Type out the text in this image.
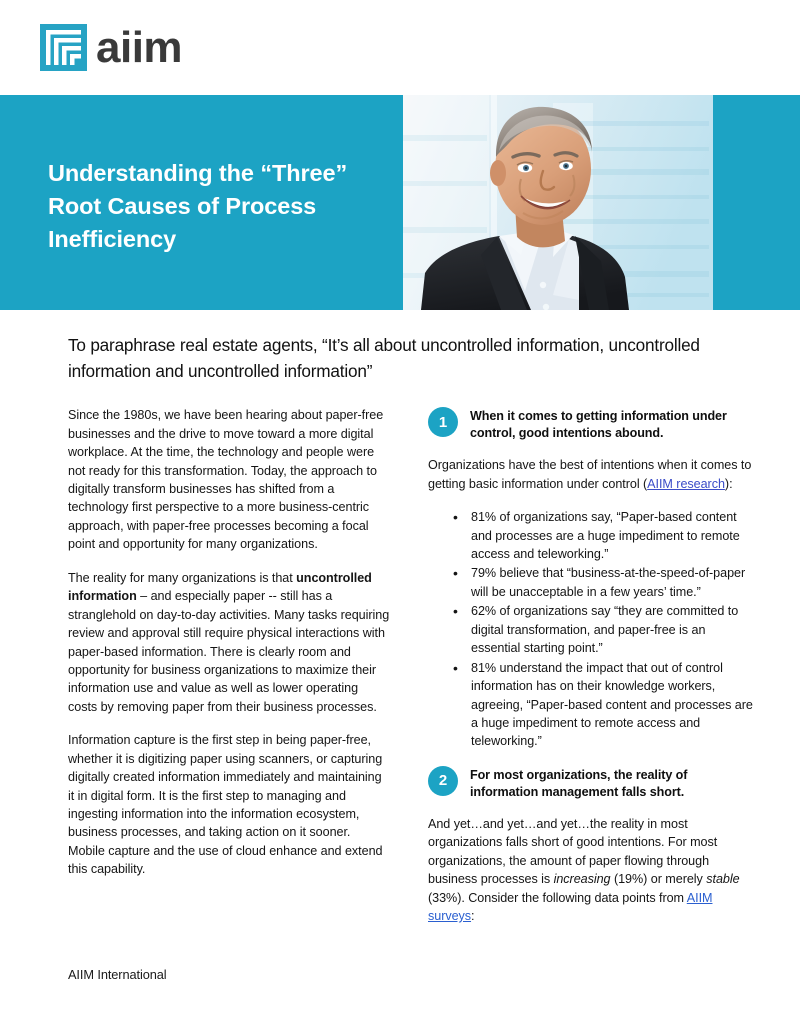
aiim
Understanding the “Three” Root Causes of Process Inefficiency

To paraphrase real estate agents, “It’s all about uncontrolled information, uncontrolled information and uncontrolled information”

Since the 1980s, we have been hearing about paper-free businesses and the drive to move toward a more digital workplace. At the time, the technology and people were not ready for this transformation. Today, the approach to digitally transform businesses has shifted from a technology first perspective to a more business-centric approach, with paper-free processes becoming a focal point and opportunity for many organizations.

The reality for many organizations is that uncontrolled information – and especially paper -- still has a stranglehold on day-to-day activities. Many tasks requiring review and approval still require physical interactions with paper-based information. There is clearly room and opportunity for business organizations to maximize their information use and value as well as lower operating costs by removing paper from their business processes.

Information capture is the first step in being paper-free, whether it is digitizing paper using scanners, or capturing digitally created information immediately and maintaining it in digital form. It is the first step to managing and ingesting information into the information ecosystem, business processes, and taking action on it sooner. Mobile capture and the use of cloud enhance and extend this capability.

1	When it comes to getting information under control, good intentions abound.

Organizations have the best of intentions when it comes to getting basic information under control (AIIM research):

• 81% of organizations say, “Paper-based content and processes are a huge impediment to remote access and teleworking.”
• 79% believe that “business-at-the-speed-of-paper will be unacceptable in a few years’ time.”
• 62% of organizations say “they are committed to digital transformation, and paper-free is an essential starting point.”
• 81% understand the impact that out of control information has on their knowledge workers, agreeing, “Paper-based content and processes are a huge impediment to remote access and teleworking.”
2	For most organizations, the reality of information management falls short.

And yet…and yet…and yet…the reality in most organizations falls short of good intentions. For most organizations, the amount of paper flowing through business processes is increasing (19%) or merely stable (33%). Consider the following data points from AIIM surveys:

AIIM International
